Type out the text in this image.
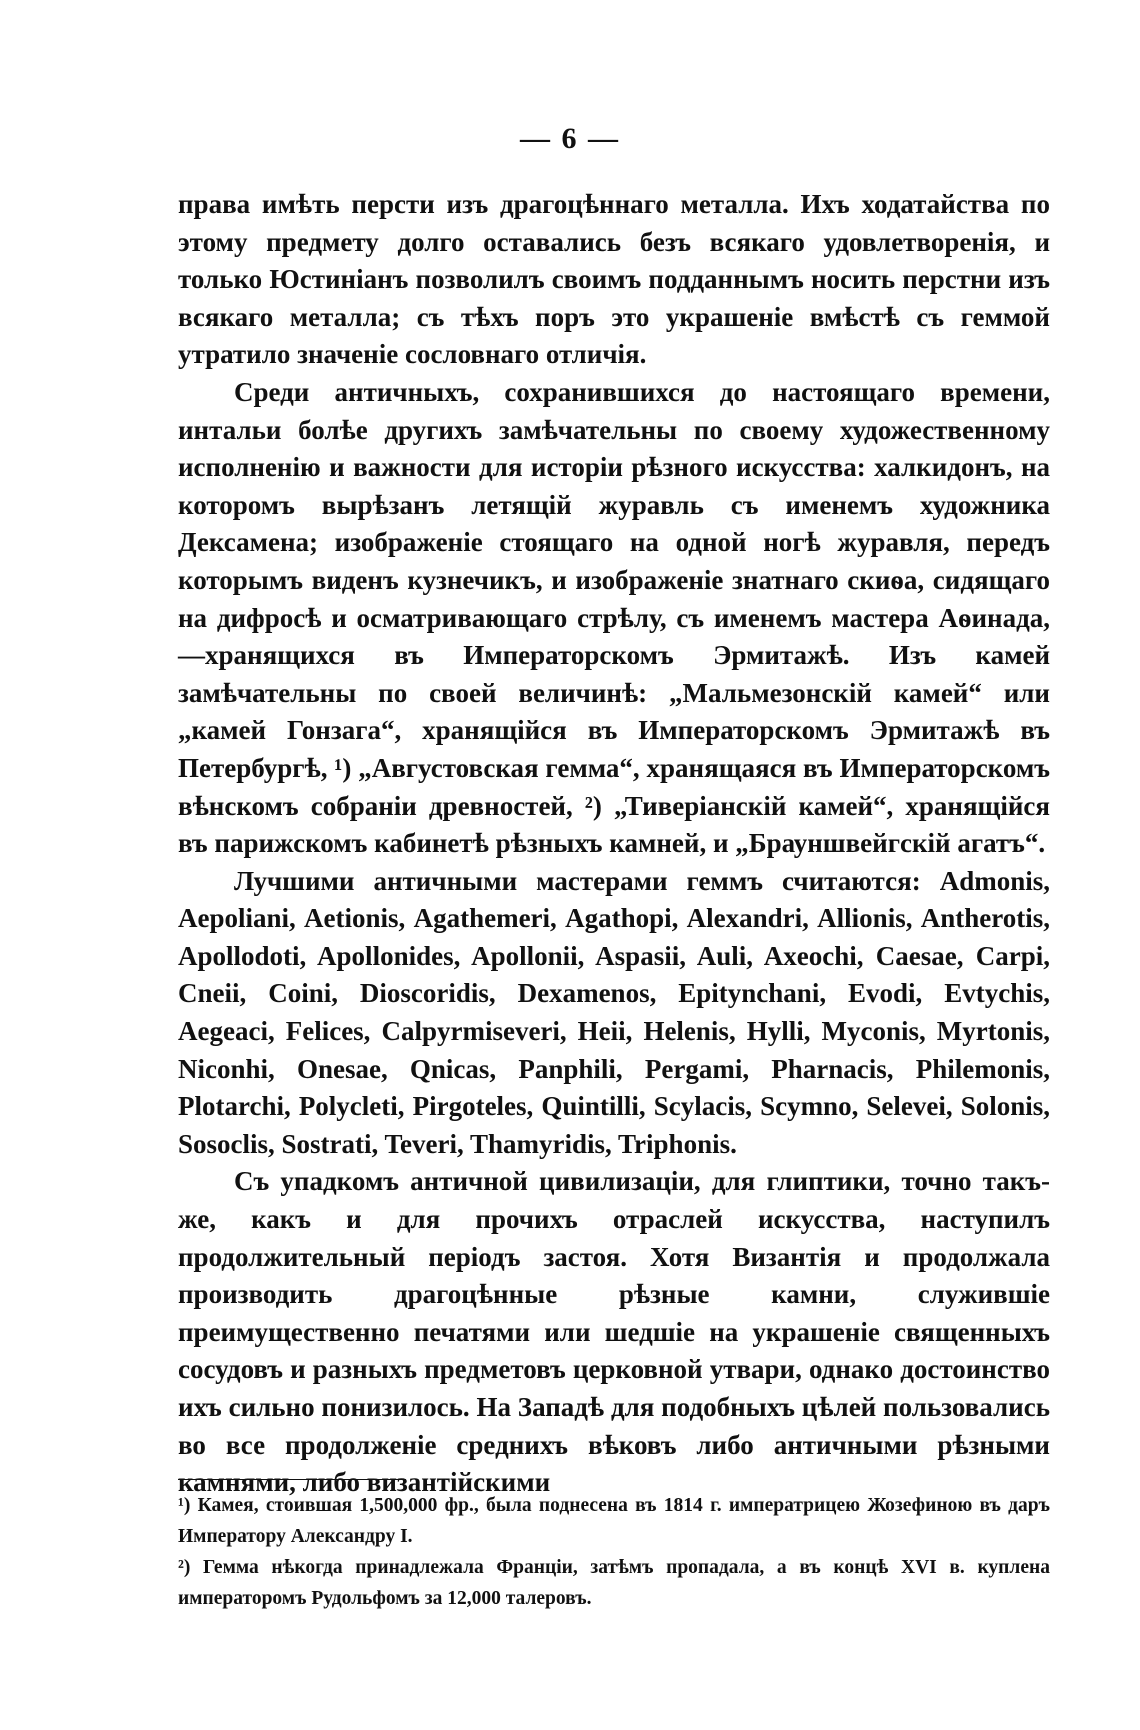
— 6 —

права имѣть персти изъ драгоцѣннаго металла. Ихъ ходатайства по этому предмету долго оставались безъ всякаго удовлетворенія, и только Юстиніанъ позволилъ своимъ подданнымъ носить перстни изъ всякаго металла; съ тѣхъ поръ это украшеніе вмѣстѣ съ геммой утратило значеніе сословнаго отличія.

Среди античныхъ, сохранившихся до настоящаго времени, интальи болѣе другихъ замѣчательны по своему художественному исполненію и важности для исторіи рѣзного искусства: халкидонъ, на которомъ вырѣзанъ летящій журавль съ именемъ художника Дексамена; изображеніе стоящаго на одной ногѣ журавля, передъ которымъ виденъ кузнечикъ, и изображеніе знатнаго скиѳа, сидящаго на дифросѣ и осматривающаго стрѣлу, съ именемъ мастера Аѳинада,—хранящихся въ Императорскомъ Эрмитажѣ. Изъ камей замѣчательны по своей величинѣ: „Мальмезонскій камей“ или „камей Гонзага“, хранящійся въ Императорскомъ Эрмитажѣ въ Петербургѣ, ¹) „Августовская гемма“, хранящаяся въ Императорскомъ вѣнскомъ собраніи древностей, ²) „Тиверіанскій камей“, хранящійся въ парижскомъ кабинетѣ рѣзныхъ камней, и „Брауншвейгскій агатъ“.

Лучшими античными мастерами геммъ считаются: Admonis, Aepoliani, Aetionis, Agathemeri, Agathopi, Alexandri, Allionis, Antherotis, Apollodoti, Apollonides, Apollonii, Aspasii, Auli, Axeochi, Caesae, Carpi, Cneii, Coini, Dioscoridis, Dexamenos, Epitynchani, Evodi, Evtychis, Aegeaci, Felices, Calpyrmiseveri, Heii, Helenis, Hylli, Myconis, Myrtonis, Niconhi, Onesae, Qnicas, Panphili, Pergami, Pharnacis, Philemonis, Plotarchi, Polycleti, Pirgoteles, Quintilli, Scylacis, Scymno, Selevei, Solonis, Sosoclis, Sostrati, Teveri, Thamyridis, Triphonis.

Съ упадкомъ античной цивилизаціи, для глиптики, точно такъ-же, какъ и для прочихъ отраслей искусства, наступилъ продолжительный періодъ застоя. Хотя Византія и продолжала производить драгоцѣнные рѣзные камни, служившіе преимущественно печатями или шедшіе на украшеніе священныхъ сосудовъ и разныхъ предметовъ церковной утвари, однако достоинство ихъ сильно понизилось. На Западѣ для подобныхъ цѣлей пользовались во все продолженіе среднихъ вѣковъ либо античными рѣзными камнями, либо византійскими

¹) Камея, стоившая 1,500,000 фр., была поднесена въ 1814 г. императрицею Жозефиною въ даръ Императору Александру I.

²) Гемма нѣкогда принадлежала Франціи, затѣмъ пропадала, а въ концѣ XVI в. куплена императоромъ Рудольфомъ за 12,000 талеровъ.
